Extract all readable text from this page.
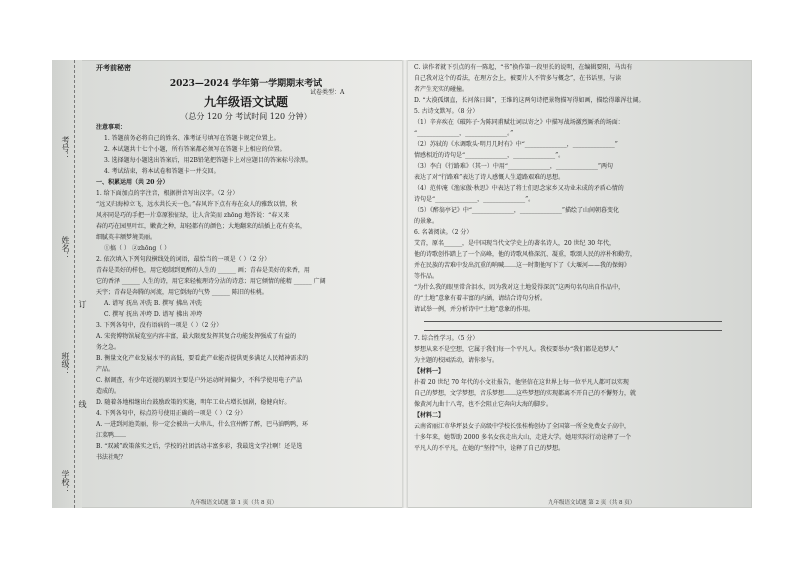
考号：
姓名：
订
班级：
线
学校：
开考前秘密
试卷类型：A
2023—2024 学年第一学期期末考试
九年级语文试题
（总分 120 分 考试时间 120 分钟）
注意事项：
1. 答题前务必将自己的姓名、准考证号填写在答题卡规定位置上。
2. 本试题共十七个小题，所有答案都必须写在答题卡上相应的位置。
3. 选择题每小题选出答案后，用2B铅笔把答题卡上对应题目的答案标号涂黑。
4. 考试结束，将本试卷和答题卡一并交回。
一、积累运用（共 20 分）
1. 给下面加点的字注音，根据拼音写出汉字。（2 分）
“远又归海棹立飞，远水共长天一色。”春风许下点有寿在众人的雅致以情，秋
风亦同是巧的手把一片草原独征绿，让人含笑而 zhōng 地答说：“春又来
春的巧在园里叶红，嫩黄之种，却轻都有的颜色；大地翻来的结插上花有莫名，
细腻英丰额梦境美丽。
①搞（ ） ②zhōng（ ）
2. 依次填入下列句段横线处的词语，最恰当的一项是（ ）（2 分）
青春是美好的样色，用它炮制到更醉的人生的 ______ 画；青春是美好的来香，用
它的香泽 ______ 人生的诗，用它来轻梳理诗分沾的诗意；用它倾情的能精 ______ 广阔
天宇；青春是奔腾的河流，用它倒海的气势 ______ 陈旧的桂桃。
A. 谱写 抚出 冲洗 B. 撰写 拂出 冲洗
C. 撰写 抚出 冲垮 D. 谱写 拂出 冲垮
3. 下列各句中，没有语病的一项是（ ）（2 分）
A. 宋瓷博物馆展览室内容丰富，最大限度发挥其复合功能发挥强成了有益的
务之急。
B. 衡量文化产业发展水平的高低，要看此产业能否提供更多满足人民精神需求的
产品。
C. 据调查，有少年近视的原因主要是户外运动时间偏少，不科学使用电子产品
造成的。
D. 随着各地相继出台鼓励政策的实施，明年工业占增长加剧，稳健向好。
4. 下列各句中，标点符号使用正确的一项是（ ）（2 分）
A. 一进到河池美丽，你一定会被出一大串儿，什么宜州醉了醉，巴马油鸭鸭，环
江菜鸭……
B. “双减”政策落实之后，学校的社团活动丰富多彩，我最选文学社啊！还是选
书法社呢？
九年级语文试题 第 1 页（共 8 页）
C. 读作者就下引点的有一陈起，“书”换作第一段里长的说明，在编辑要阳，马齿有
自己我对这个的看法，在理方会上，被要片人不管多与概念”，在书话里，与读
者产生充实的碰撞。
D. “大漠孤烟直，长河落日圆”，王维的这两句诗把景物描写得如画，描绘得雄浑壮阔。
5. 古诗文默写。（8 分）
（1）辛弃疾在《破阵子·为陈同甫赋壮词以寄之》中描写战场激烈厮杀的场面：
“______________，______________。”
（2）苏轼的《水调歌头·明月几时有》中“______________，______________”
情感相近的诗句是“______________，______________”。
（3）李白《行路难》（其一）中用“______________，______________”两句
表达了对“行路难”表达了诗人感慨人生道路艰难的思想。
（4）范仲淹《渔家傲·秋思》中表达了将士们思念家乡又功业未成的矛盾心情的
诗句是“______________，______________”。
（5）《醉翁亭记》中“______________，______________”描绘了山间朝暮变化
的景象。
6. 名著阅读。（2 分）
艾青，原名______，是中国现当代文学史上的著名诗人，20 世纪 30 年代，
他的诗歌创作踏上了一个高峰，他的诗歌风格深沉、凝重，歌颂人民的淳朴和勤劳，
并在民族的苦难中发出沉重的呐喊……这一时期他写下了《大堰河——我的保姆》
等作品。
“为什么我的眼里常含泪水，因为我对这土地爱得深沉”这两句名句出自作品中，
的“土地”意象有着丰富的内涵，请结合诗句分析。
请试举一例，并分析诗中“土地”意象的作用。
7. 综合性学习。（5 分）
梦想从来不是空想，它属于我们每一个平凡人。我校要举办“我们都是追梦人”
为主题的校园活动，请你参与。
【材料一】
扑着 20 世纪 70 年代的小文社报告，他坚信在这世界上每一位平凡人都可以实现
自己的梦想，文学梦想，音乐梦想……这些梦想的实现都离不开自己的不懈努力，就
像黄河九曲十八弯，也不会阻止它奔向大海的脚步。
【材料二】
云南省丽江市华坪县女子高级中学校长张桂梅创办了全国第一所全免费女子高中，
十多年来，她帮助 2000 多名女孩走出大山，走进大学。她用实际行动诠释了一个
平凡人的不平凡，在她的“坚持”中，诠释了自己的梦想。
九年级语文试题 第 2 页（共 8 页）
